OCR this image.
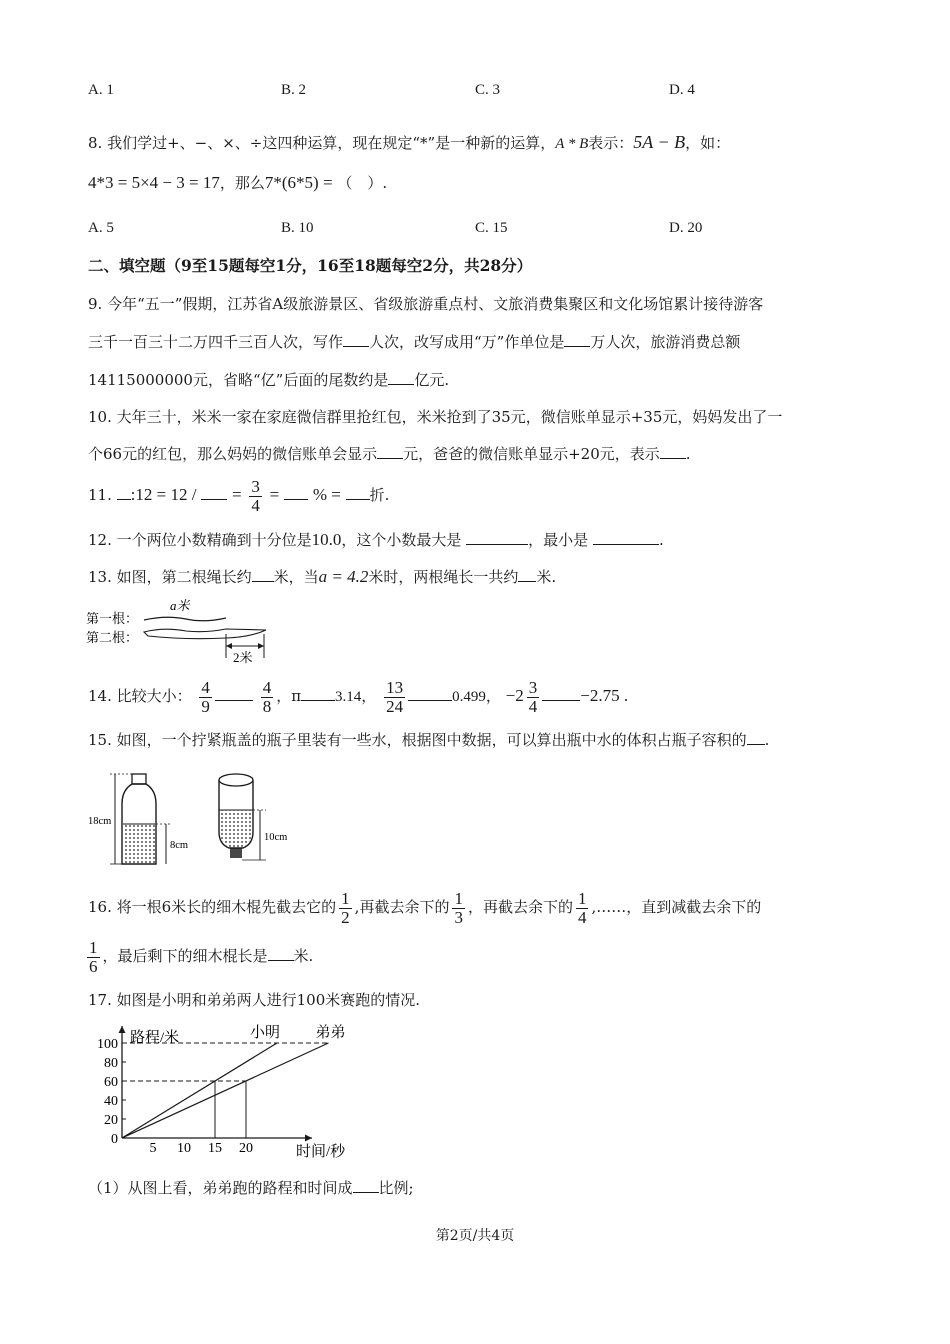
A. 1	B. 2	C. 3	D. 4
8. 我们学过+、−、×、÷这四种运算，现在规定“*”是一种新的运算，A * B表示：5A − B，如：
4*3 = 5×4 − 3 = 17，那么7*(6*5) = （　）.
A. 5	B. 10	C. 15	D. 20
二、填空题（9至15题每空1分，16至18题每空2分，共28分）
9. 今年“五一”假期，江苏省A级旅游景区、省级旅游重点村、文旅消费集聚区和文化场馆累计接待游客
三千一百三十二万四千三百人次，写作 人次，改写成用“万”作单位是 万人次，旅游消费总额
14115000000元，省略“亿”后面的尾数约是 亿元.
10. 大年三十，米米一家在家庭微信群里抢红包，米米抢到了35元，微信账单显示+35元，妈妈发出了一
个66元的红包，那么妈妈的微信账单会显示 元，爸爸的微信账单显示+20元，表示 .
11. :12 = 12 / = $\frac{3}{4}$ = % = 折.
12. 一个两位小数精确到十分位是10.0，这个小数最大是	，最小是	.
13. 如图，第二根绳长约 米，当a = 4.2米时，两根绳长一共约 米.
第一根：
第二根：
a米
2米
14. 比较大小： $\frac{4}{9}$
	$\frac{4}{8}$ ，π 3.14， $\frac{13}{24}$	0.499， $-2 \frac{3}{4} -2.75$ .
15. 如图，一个拧紧瓶盖的瓶子里装有一些水，根据图中数据，可以算出瓶中水的体积占瓶子容积的 .
18cm
8cm
10cm
16. 将一根6米长的细木棍先截去它的 $\frac{1}{2}$ ,再截去余下的 $\frac{1}{3}$ ，再截去余下的 $\frac{1}{4}$ ,……，直到减截去余下的
$\frac{1}{6}$ ，最后剩下的细木棍长是 米.
17. 如图是小明和弟弟两人进行100米赛跑的情况.
路程/米
时间/秒
0
20
40
60
80
100
5 10 15 20
小明 弟弟
（1）从图上看，弟弟跑的路程和时间成 比例;
第2页/共4页
